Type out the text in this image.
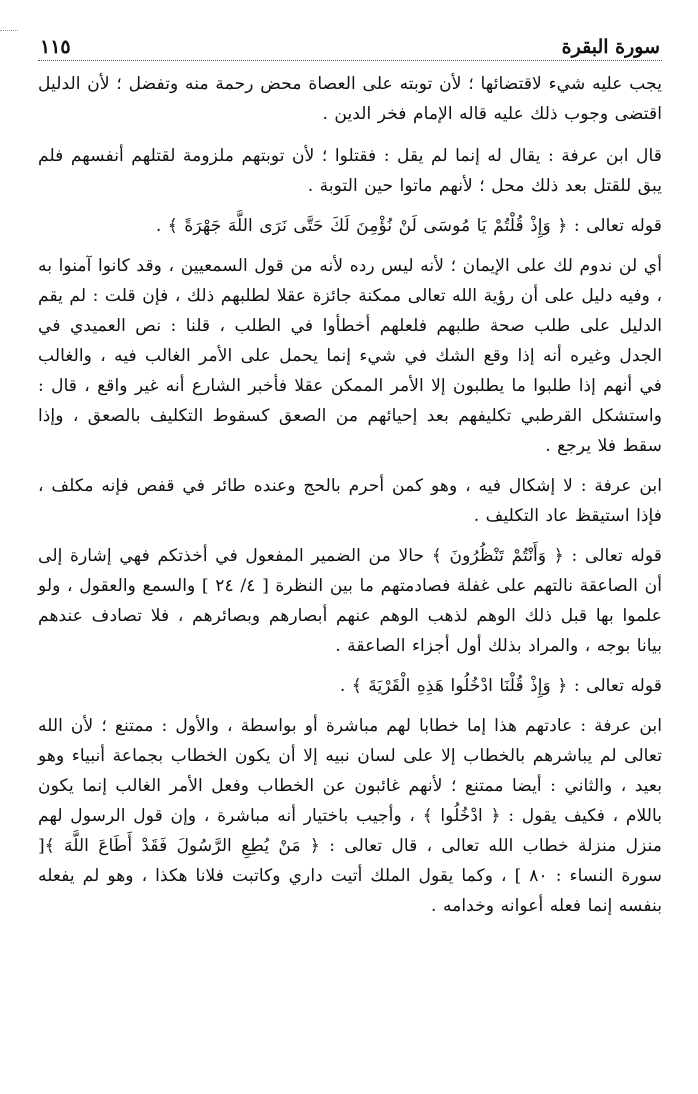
سورة البقرة
١١٥

يجب عليه شيء لاقتضائها ؛ لأن توبته على العصاة محض رحمة منه وتفضل ؛ لأن الدليل اقتضى وجوب ذلك عليه قاله الإمام فخر الدين .

قال ابن عرفة : يقال له إنما لم يقل : فقتلوا ؛ لأن توبتهم ملزومة لقتلهم أنفسهم فلم يبق للقتل بعد ذلك محل ؛ لأنهم ماتوا حين التوبة .

قوله تعالى : ﴿ وَإِذْ قُلْتُمْ يَا مُوسَى لَنْ نُؤْمِنَ لَكَ حَتَّى نَرَى اللَّهَ جَهْرَةً ﴾ .

أي لن ندوم لك على الإيمان ؛ لأنه ليس رده لأنه من قول السمعيين ، وقد كانوا آمنوا به ، وفيه دليل على أن رؤية الله تعالى ممكنة جائزة عقلا لطلبهم ذلك ، فإن قلت : لم يقم الدليل على طلب صحة طلبهم فلعلهم أخطأوا في الطلب ، قلنا : نص العميدي في الجدل وغيره أنه إذا وقع الشك في شيء إنما يحمل على الأمر الغالب فيه ، والغالب في أنهم إذا طلبوا ما يطلبون إلا الأمر الممكن عقلا فأخبر الشارع أنه غير واقع ، قال : واستشكل القرطبي تكليفهم بعد إحيائهم من الصعق كسقوط التكليف بالصعق ، وإذا سقط فلا يرجع .

ابن عرفة : لا إشكال فيه ، وهو كمن أحرم بالحج وعنده طائر في قفص فإنه مكلف ، فإذا استيقظ عاد التكليف .

قوله تعالى : ﴿ وَأَنْتُمْ تَنْظُرُونَ ﴾ حالا من الضمير المفعول في أخذتكم فهي إشارة إلى أن الصاعقة نالتهم على غفلة فصادمتهم ما بين النظرة [ ٤/ ٢٤ ] والسمع والعقول ، ولو علموا بها قبل ذلك الوهم لذهب الوهم عنهم أبصارهم وبصائرهم ، فلا تصادف عندهم بيانا بوجه ، والمراد بذلك أول أجزاء الصاعقة .

قوله تعالى : ﴿ وَإِذْ قُلْنَا ادْخُلُوا هَذِهِ الْقَرْيَةَ ﴾ .

ابن عرفة : عادتهم هذا إما خطابا لهم مباشرة أو بواسطة ، والأول : ممتنع ؛ لأن الله تعالى لم يباشرهم بالخطاب إلا على لسان نبيه إلا أن يكون الخطاب بجماعة أنبياء وهو بعيد ، والثاني : أيضا ممتنع ؛ لأنهم غائبون عن الخطاب وفعل الأمر الغالب إنما يكون باللام ، فكيف يقول : ﴿ ادْخُلُوا ﴾ ، وأجيب باختيار أنه مباشرة ، وإن قول الرسول لهم منزل منزلة خطاب الله تعالى ، قال تعالى : ﴿ مَنْ يُطِعِ الرَّسُولَ فَقَدْ أَطَاعَ اللَّهَ ﴾[ سورة النساء : ٨٠ ] ، وكما يقول الملك أتيت داري وكاتبت فلانا هكذا ، وهو لم يفعله بنفسه إنما فعله أعوانه وخدامه .
